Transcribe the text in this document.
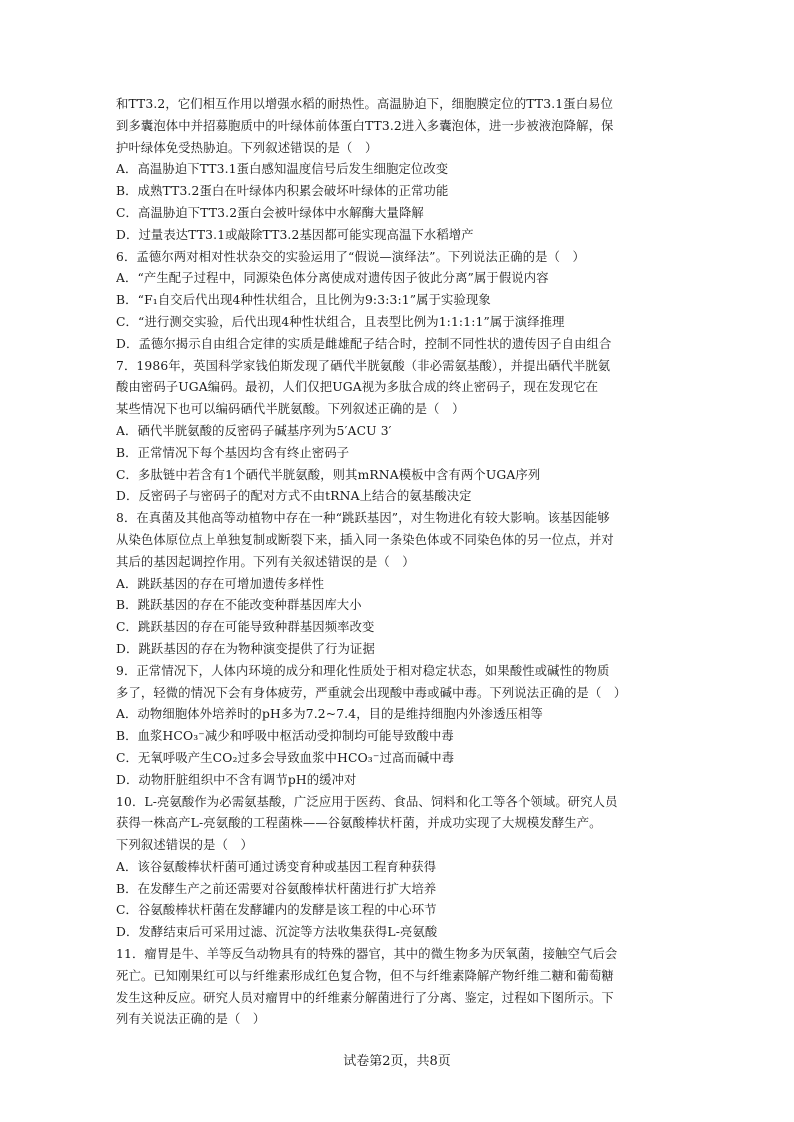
和TT3.2，它们相互作用以增强水稻的耐热性。高温胁迫下，细胞膜定位的TT3.1蛋白易位
到多囊泡体中并招募胞质中的叶绿体前体蛋白TT3.2进入多囊泡体，进一步被液泡降解，保
护叶绿体免受热胁迫。下列叙述错误的是（　）
A．高温胁迫下TT3.1蛋白感知温度信号后发生细胞定位改变
B．成熟TT3.2蛋白在叶绿体内积累会破坏叶绿体的正常功能
C．高温胁迫下TT3.2蛋白会被叶绿体中水解酶大量降解
D．过量表达TT3.1或敲除TT3.2基因都可能实现高温下水稻增产
6．孟德尔两对相对性状杂交的实验运用了“假说—演绎法”。下列说法正确的是（　）
A．“产生配子过程中，同源染色体分离使成对遗传因子彼此分离”属于假说内容
B．“F₁自交后代出现4种性状组合，且比例为9:3:3:1”属于实验现象
C．“进行测交实验，后代出现4种性状组合，且表型比例为1:1:1:1”属于演绎推理
D．孟德尔揭示自由组合定律的实质是雌雄配子结合时，控制不同性状的遗传因子自由组合
7．1986年，英国科学家钱伯斯发现了硒代半胱氨酸（非必需氨基酸），并提出硒代半胱氨
酸由密码子UGA编码。最初，人们仅把UGA视为多肽合成的终止密码子，现在发现它在
某些情况下也可以编码硒代半胱氨酸。下列叙述正确的是（　）
A．硒代半胱氨酸的反密码子碱基序列为5′ACU 3′
B．正常情况下每个基因均含有终止密码子
C．多肽链中若含有1个硒代半胱氨酸，则其mRNA模板中含有两个UGA序列
D．反密码子与密码子的配对方式不由tRNA上结合的氨基酸决定
8．在真菌及其他高等动植物中存在一种“跳跃基因”，对生物进化有较大影响。该基因能够
从染色体原位点上单独复制或断裂下来，插入同一条染色体或不同染色体的另一位点，并对
其后的基因起调控作用。下列有关叙述错误的是（　）
A．跳跃基因的存在可增加遗传多样性
B．跳跃基因的存在不能改变种群基因库大小
C．跳跃基因的存在可能导致种群基因频率改变
D．跳跃基因的存在为物种演变提供了行为证据
9．正常情况下，人体内环境的成分和理化性质处于相对稳定状态，如果酸性或碱性的物质
多了，轻微的情况下会有身体疲劳，严重就会出现酸中毒或碱中毒。下列说法正确的是（　）
A．动物细胞体外培养时的pH多为7.2~7.4，目的是维持细胞内外渗透压相等
B．血浆HCO₃⁻减少和呼吸中枢活动受抑制均可能导致酸中毒
C．无氧呼吸产生CO₂过多会导致血浆中HCO₃⁻过高而碱中毒
D．动物肝脏组织中不含有调节pH的缓冲对
10．L-亮氨酸作为必需氨基酸，广泛应用于医药、食品、饲料和化工等各个领域。研究人员
获得一株高产L-亮氨酸的工程菌株——谷氨酸棒状杆菌，并成功实现了大规模发酵生产。
下列叙述错误的是（　）
A．该谷氨酸棒状杆菌可通过诱变育种或基因工程育种获得
B．在发酵生产之前还需要对谷氨酸棒状杆菌进行扩大培养
C．谷氨酸棒状杆菌在发酵罐内的发酵是该工程的中心环节
D．发酵结束后可采用过滤、沉淀等方法收集获得L-亮氨酸
11．瘤胃是牛、羊等反刍动物具有的特殊的器官，其中的微生物多为厌氧菌，接触空气后会
死亡。已知刚果红可以与纤维素形成红色复合物，但不与纤维素降解产物纤维二糖和葡萄糖
发生这种反应。研究人员对瘤胃中的纤维素分解菌进行了分离、鉴定，过程如下图所示。下
列有关说法正确的是（　）
试卷第2页，共8页
